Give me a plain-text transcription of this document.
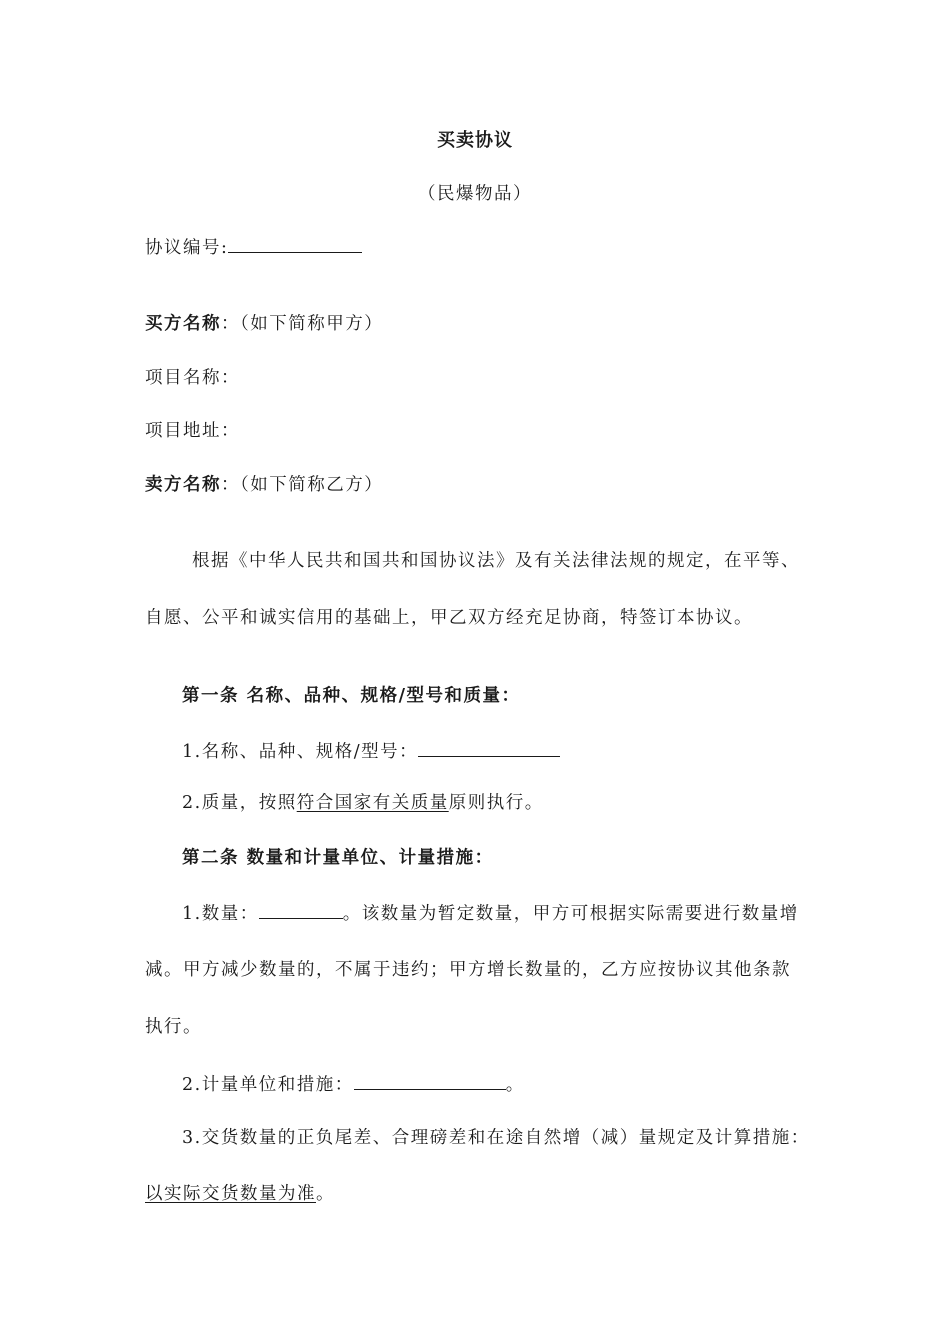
买卖协议
（民爆物品）
协议编号:
买方名称：（如下简称甲方）
项目名称：
项目地址：
卖方名称：（如下简称乙方）
根据《中华人民共和国共和国协议法》及有关法律法规的规定，在平等、
自愿、公平和诚实信用的基础上，甲乙双方经充足协商，特签订本协议。
第一条 名称、品种、规格/型号和质量：
1.名称、品种、规格/型号：
2.质量，按照符合国家有关质量原则执行。
第二条 数量和计量单位、计量措施：
1.数量：	。该数量为暂定数量，甲方可根据实际需要进行数量增
减。甲方减少数量的，不属于违约；甲方增长数量的，乙方应按协议其他条款
执行。
2.计量单位和措施：	。
3.交货数量的正负尾差、合理磅差和在途自然增（减）量规定及计算措施：
以实际交货数量为准。
